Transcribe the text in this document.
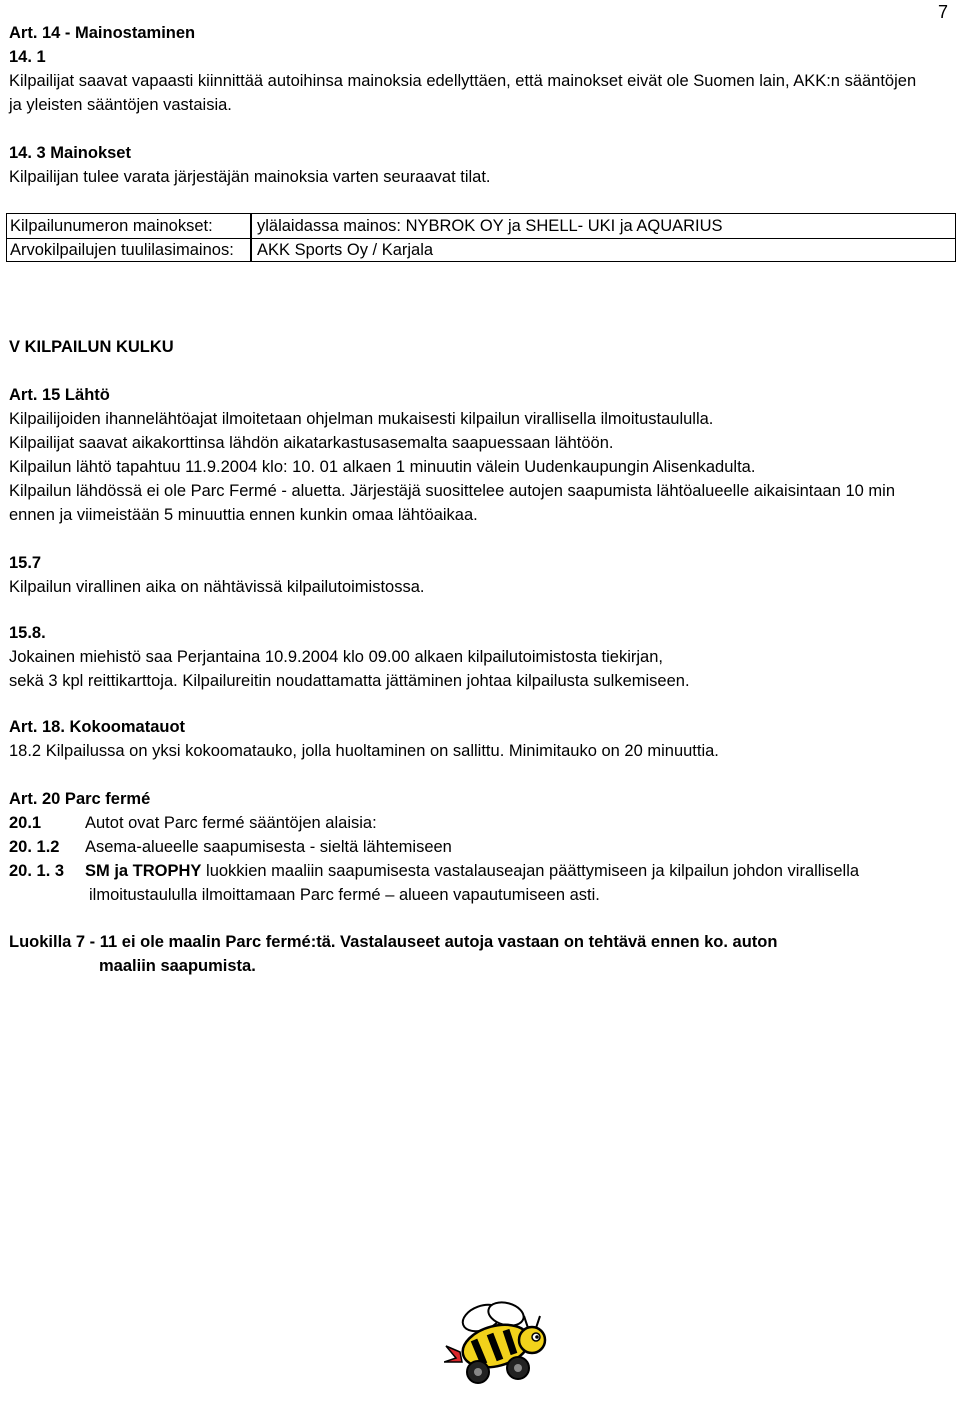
7
Art. 14 - Mainostaminen
14. 1
Kilpailijat saavat vapaasti kiinnittää autoihinsa mainoksia edellyttäen, että mainokset eivät ole Suomen lain, AKK:n sääntöjen
ja yleisten sääntöjen vastaisia.
14. 3 Mainokset
Kilpailijan tulee varata järjestäjän mainoksia varten seuraavat tilat.
Kilpailunumeron mainokset:	ylälaidassa mainos: NYBROK OY ja SHELL- UKI ja AQUARIUS
Arvokilpailujen tuulilasimainos: AKK Sports Oy / Karjala
V KILPAILUN KULKU
Art. 15 Lähtö
Kilpailijoiden ihannelähtöajat ilmoitetaan ohjelman mukaisesti kilpailun virallisella ilmoitustaululla.
Kilpailijat saavat aikakorttinsa lähdön aikatarkastusasemalta saapuessaan lähtöön.
Kilpailun lähtö tapahtuu 11.9.2004 klo: 10. 01 alkaen 1 minuutin välein Uudenkaupungin Alisenkadulta.
Kilpailun lähdössä ei ole Parc Fermé - aluetta. Järjestäjä suosittelee autojen saapumista lähtöalueelle aikaisintaan 10 min
ennen ja viimeistään 5 minuuttia ennen kunkin omaa lähtöaikaa.
15.7
Kilpailun virallinen aika on nähtävissä kilpailutoimistossa.
15.8.
Jokainen miehistö saa Perjantaina 10.9.2004 klo 09.00 alkaen kilpailutoimistosta tiekirjan,
sekä 3 kpl reittikarttoja. Kilpailureitin noudattamatta jättäminen johtaa kilpailusta sulkemiseen.
Art. 18. Kokoomatauot
18.2 Kilpailussa on yksi kokoomatauko, jolla huoltaminen on sallittu. Minimitauko on 20 minuuttia.
Art. 20 Parc fermé
20.1	Autot ovat Parc fermé sääntöjen alaisia:
20. 1.2 Asema-alueelle saapumisesta - sieltä lähtemiseen
20. 1. 3 SM ja TROPHY luokkien maaliin saapumisesta vastalauseajan päättymiseen ja kilpailun johdon virallisella
ilmoitustaululla ilmoittamaan Parc fermé – alueen vapautumiseen asti.
Luokilla 7 - 11 ei ole maalin Parc fermé:tä. Vastalauseet autoja vastaan on tehtävä ennen ko. auton
maaliin saapumista.
